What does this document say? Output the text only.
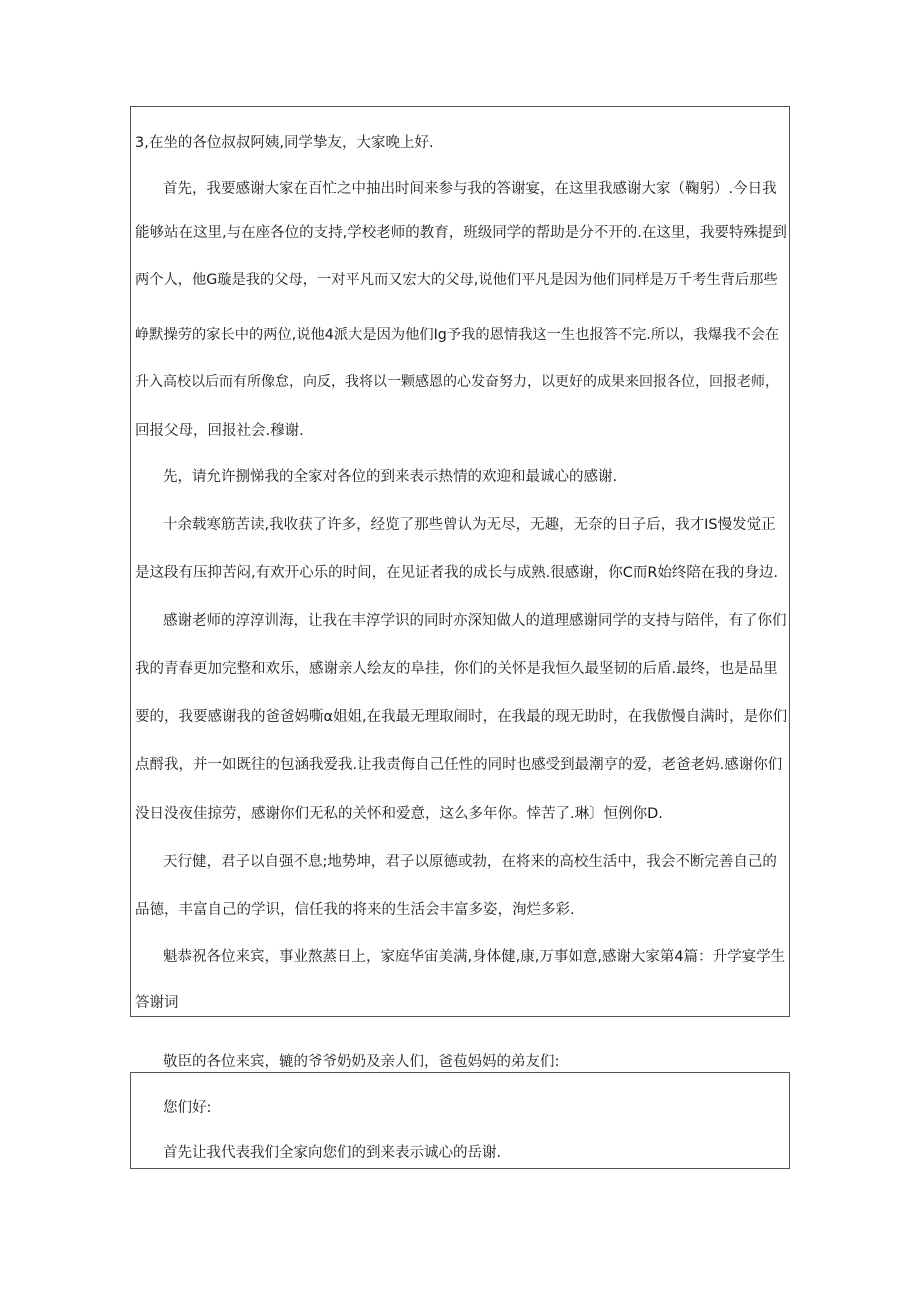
3,在坐的各位叔叔阿姨,同学挚友，大家晚上好.
首先，我要感谢大家在百忙之中抽出时间来参与我的答谢宴，在这里我感谢大家（鞠躬）.今日我
能够站在这里,与在座各位的支持,学校老师的教育，班级同学的帮助是分不开的.在这里，我要特殊提到
两个人，他G璇是我的父母，一对平凡而又宏大的父母,说他们平凡是因为他们同样是万千考生背后那些
峥默操劳的家长中的两位,说他4派大是因为他们Ig予我的恩情我这一生也报答不完.所以，我爆我不会在
升入高校以后而有所像怠，向反，我将以一颗感恩的心发奋努力，以更好的成果来回报各位，回报老师，
回报父母，回报社会.穆谢.
先，请允许捌悌我的全家对各位的到来表示热情的欢迎和最诚心的感谢.
十余载寒筋苦读,我收获了许多，经览了那些曾认为无尽，无趣，无奈的日子后，我才IS慢发觉正
是这段有压抑苦闷,有欢开心乐的时间，在见证者我的成长与成熟.很感谢，你C而R始终陪在我的身边.
感谢老师的淳淳训海，让我在丰淳学识的同时亦深知做人的道理感谢同学的支持与陪伴，有了你们
我的青春更加完整和欢乐，感谢亲人绘友的阜挂，你们的关怀是我恒久最坚韧的后盾.最终，也是品里
要的，我要感谢我的爸爸妈嘶α姐姐,在我最无理取闹时，在我最的现无助时，在我傲慢自满时，是你们
点酹我，并一如既往的包涵我爱我.让我责侮自己任性的同时也感受到最潮亨的爱，老爸老妈.感谢你们
没日没夜佳掠劳，感谢你们无私的关怀和爱意，这么多年你。悻苦了.琳〕恒例你D.
天行健，君子以自强不息;地势坤，君子以原德或勃，在将来的高校生活中，我会不断完善自己的
品德，丰富自己的学识，信任我的将来的生活会丰富多姿，洵烂多彩.
魁恭祝各位来宾，事业熬蒸日上，家庭华宙美满,身体健,康,万事如意,感谢大家第4篇：升学宴学生
答谢词
敬臣的各位来宾，辘的爷爷奶奶及亲人们，爸苞妈妈的弟友们:
您们好:
首先让我代表我们全家向您们的到来表示诚心的岳谢.
